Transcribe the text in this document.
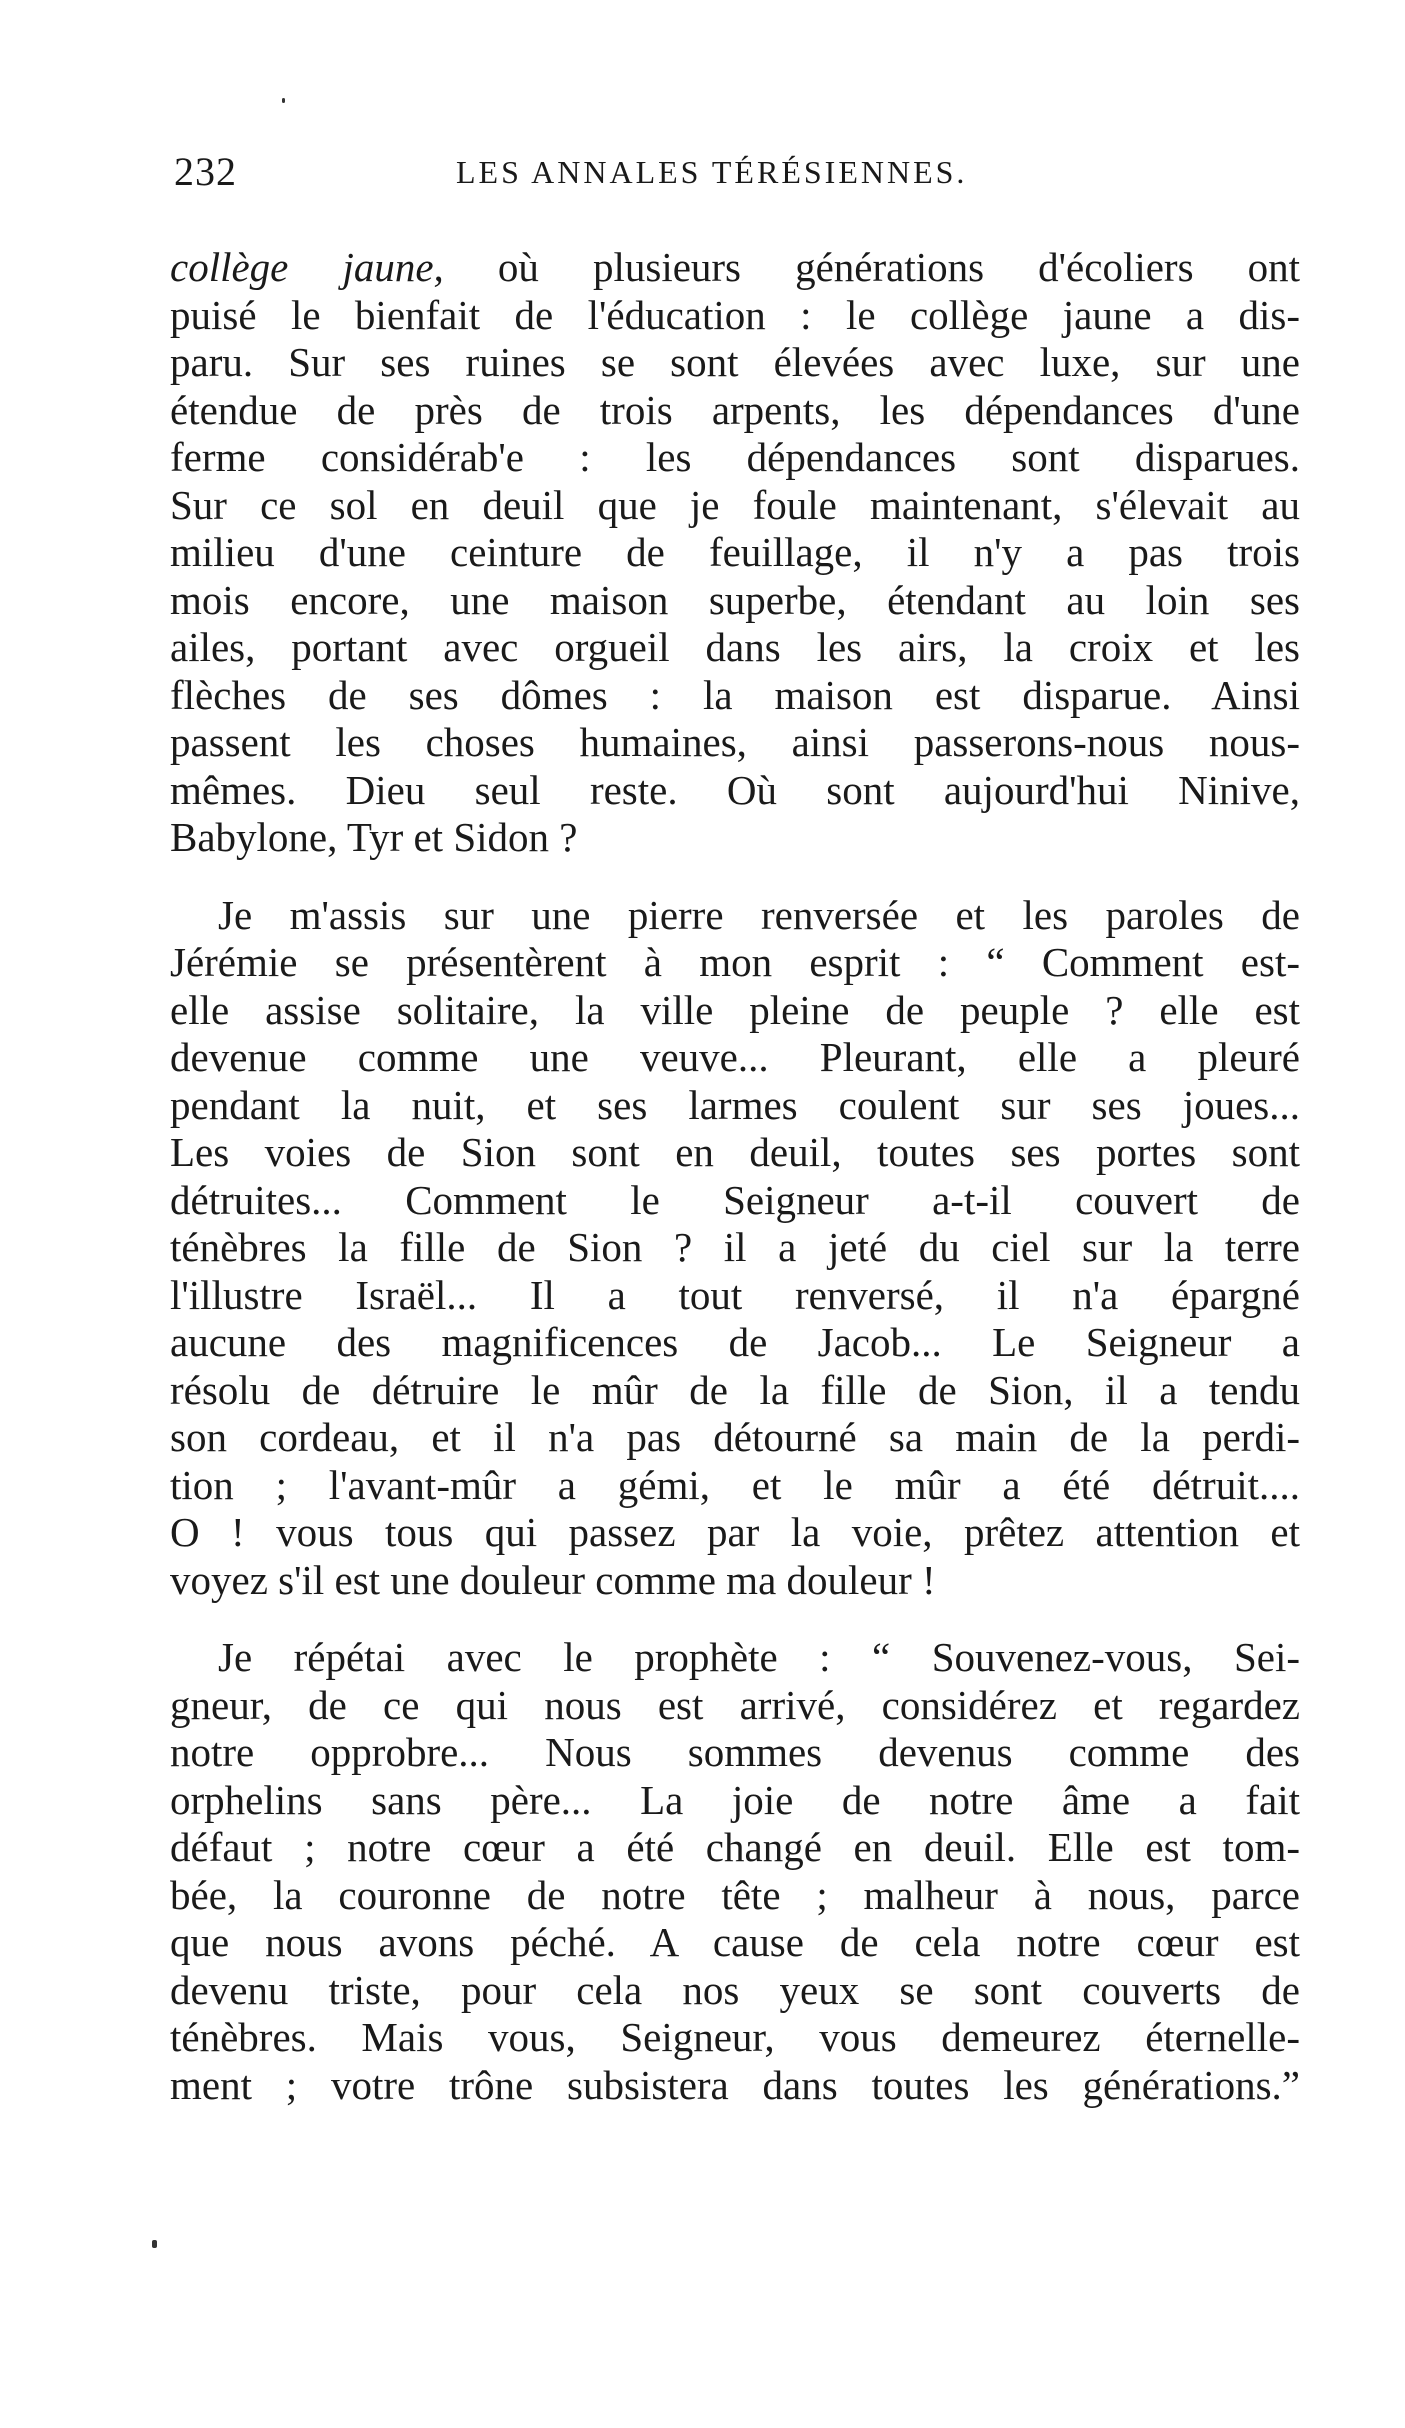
232	LES ANNALES TÉRÉSIENNES.

collège jaune, où plusieurs générations d'écoliers ont
puisé le bienfait de l'éducation : le collège jaune a dis-
paru. Sur ses ruines se sont élevées avec luxe, sur une
étendue de près de trois arpents, les dépendances d'une
ferme considérab'e : les dépendances sont disparues.
Sur ce sol en deuil que je foule maintenant, s'élevait au
milieu d'une ceinture de feuillage, il n'y a pas trois
mois encore, une maison superbe, étendant au loin ses
ailes, portant avec orgueil dans les airs, la croix et les
flèches de ses dômes : la maison est disparue. Ainsi
passent les choses humaines, ainsi passerons-nous nous-
mêmes. Dieu seul reste. Où sont aujourd'hui Ninive,
Babylone, Tyr et Sidon ?

Je m'assis sur une pierre renversée et les paroles de
Jérémie se présentèrent à mon esprit : “ Comment est-
elle assise solitaire, la ville pleine de peuple ? elle est
devenue comme une veuve... Pleurant, elle a pleuré
pendant la nuit, et ses larmes coulent sur ses joues...
Les voies de Sion sont en deuil, toutes ses portes sont
détruites... Comment le Seigneur a-t-il couvert de
ténèbres la fille de Sion ? il a jeté du ciel sur la terre
l'illustre Israël... Il a tout renversé, il n'a épargné
aucune des magnificences de Jacob... Le Seigneur a
résolu de détruire le mûr de la fille de Sion, il a tendu
son cordeau, et il n'a pas détourné sa main de la perdi-
tion ; l'avant-mûr a gémi, et le mûr a été détruit....
O ! vous tous qui passez par la voie, prêtez attention et
voyez s'il est une douleur comme ma douleur !

Je répétai avec le prophète : “ Souvenez-vous, Sei-
gneur, de ce qui nous est arrivé, considérez et regardez
notre opprobre... Nous sommes devenus comme des
orphelins sans père... La joie de notre âme a fait
défaut ; notre cœur a été changé en deuil. Elle est tom-
bée, la couronne de notre tête ; malheur à nous, parce
que nous avons péché. A cause de cela notre cœur est
devenu triste, pour cela nos yeux se sont couverts de
ténèbres. Mais vous, Seigneur, vous demeurez éternelle-
ment ; votre trône subsistera dans toutes les générations.”
